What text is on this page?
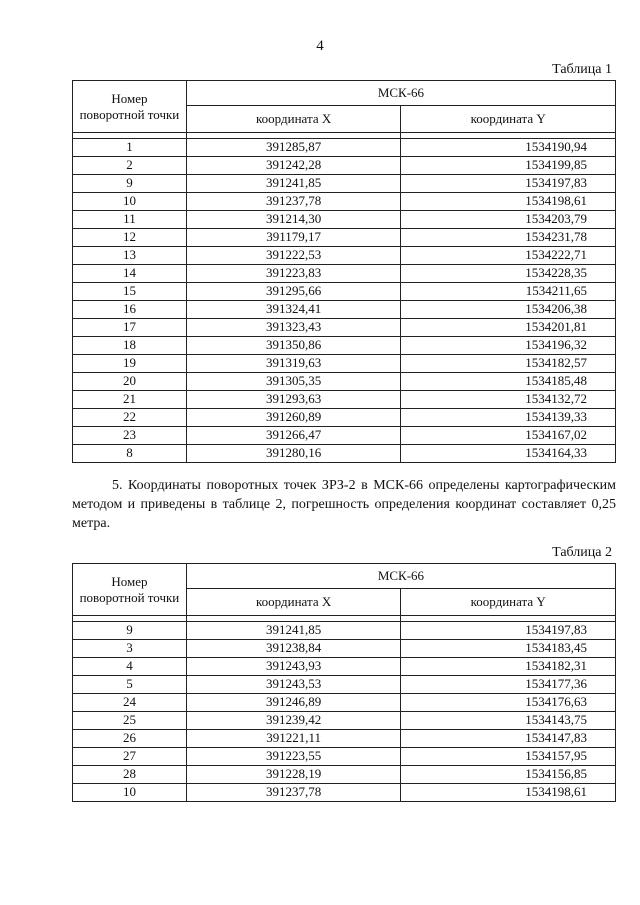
4
Таблица 1
Номер поворотной точки	МСК-66	
	координата X	координата Y

1	391285,87	1534190,94
2	391242,28	1534199,85
9	391241,85	1534197,83
10	391237,78	1534198,61
11	391214,30	1534203,79
12	391179,17	1534231,78
13	391222,53	1534222,71
14	391223,83	1534228,35
15	391295,66	1534211,65
16	391324,41	1534206,38
17	391323,43	1534201,81
18	391350,86	1534196,32
19	391319,63	1534182,57
20	391305,35	1534185,48
21	391293,63	1534132,72
22	391260,89	1534139,33
23	391266,47	1534167,02
8	391280,16	1534164,33

5. Координаты поворотных точек ЗРЗ-2 в МСК-66 определены картографическим методом и приведены в таблице 2, погрешность определения координат составляет 0,25 метра.

Таблица 2
Номер поворотной точки	МСК-66	
	координата X	координата Y

9	391241,85	1534197,83
3	391238,84	1534183,45
4	391243,93	1534182,31
5	391243,53	1534177,36
24	391246,89	1534176,63
25	391239,42	1534143,75
26	391221,11	1534147,83
27	391223,55	1534157,95
28	391228,19	1534156,85
10	391237,78	1534198,61
